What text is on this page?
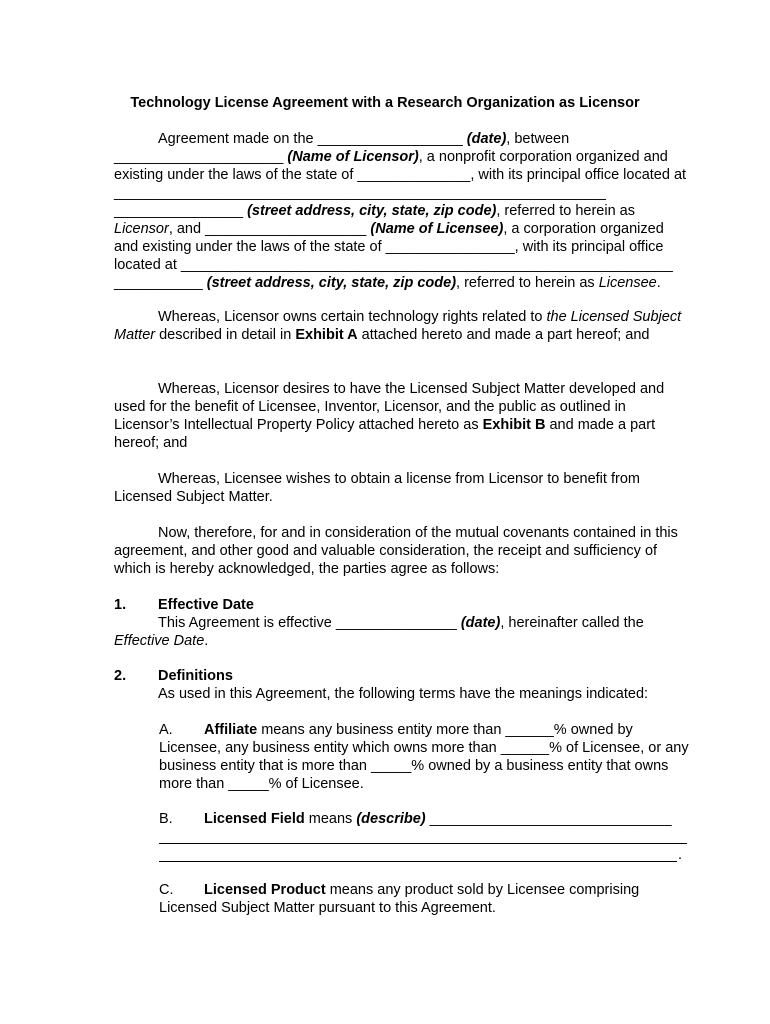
Technology License Agreement with a Research Organization as Licensor

Agreement made on the __________________ (date), between _____________________ (Name of Licensor), a nonprofit corporation organized and existing under the laws of the state of ______________, with its principal office located at _____________________________________________________________ ________________ (street address, city, state, zip code), referred to herein as Licensor, and ____________________ (Name of Licensee), a corporation organized and existing under the laws of the state of ________________, with its principal office located at _____________________________________________________________ ___________ (street address, city, state, zip code), referred to herein as Licensee.

Whereas, Licensor owns certain technology rights related to the Licensed Subject Matter described in detail in Exhibit A attached hereto and made a part hereof; and

Whereas, Licensor desires to have the Licensed Subject Matter developed and used for the benefit of Licensee, Inventor, Licensor, and the public as outlined in Licensor’s Intellectual Property Policy attached hereto as Exhibit B and made a part hereof; and

Whereas, Licensee wishes to obtain a license from Licensor to benefit from Licensed Subject Matter.

Now, therefore, for and in consideration of the mutual covenants contained in this agreement, and other good and valuable consideration, the receipt and sufficiency of which is hereby acknowledged, the parties agree as follows:

1.	Effective Date

This Agreement is effective _______________ (date), hereinafter called the Effective Date.

2.	Definitions

As used in this Agreement, the following terms have the meanings indicated:

A. Affiliate means any business entity more than ______% owned by Licensee, any business entity which owns more than ______% of Licensee, or any business entity that is more than _____% owned by a business entity that owns more than _____% of Licensee.
B. Licensed Field means (describe) ______________________________
.
C. Licensed Product means any product sold by Licensee comprising Licensed Subject Matter pursuant to this Agreement.
